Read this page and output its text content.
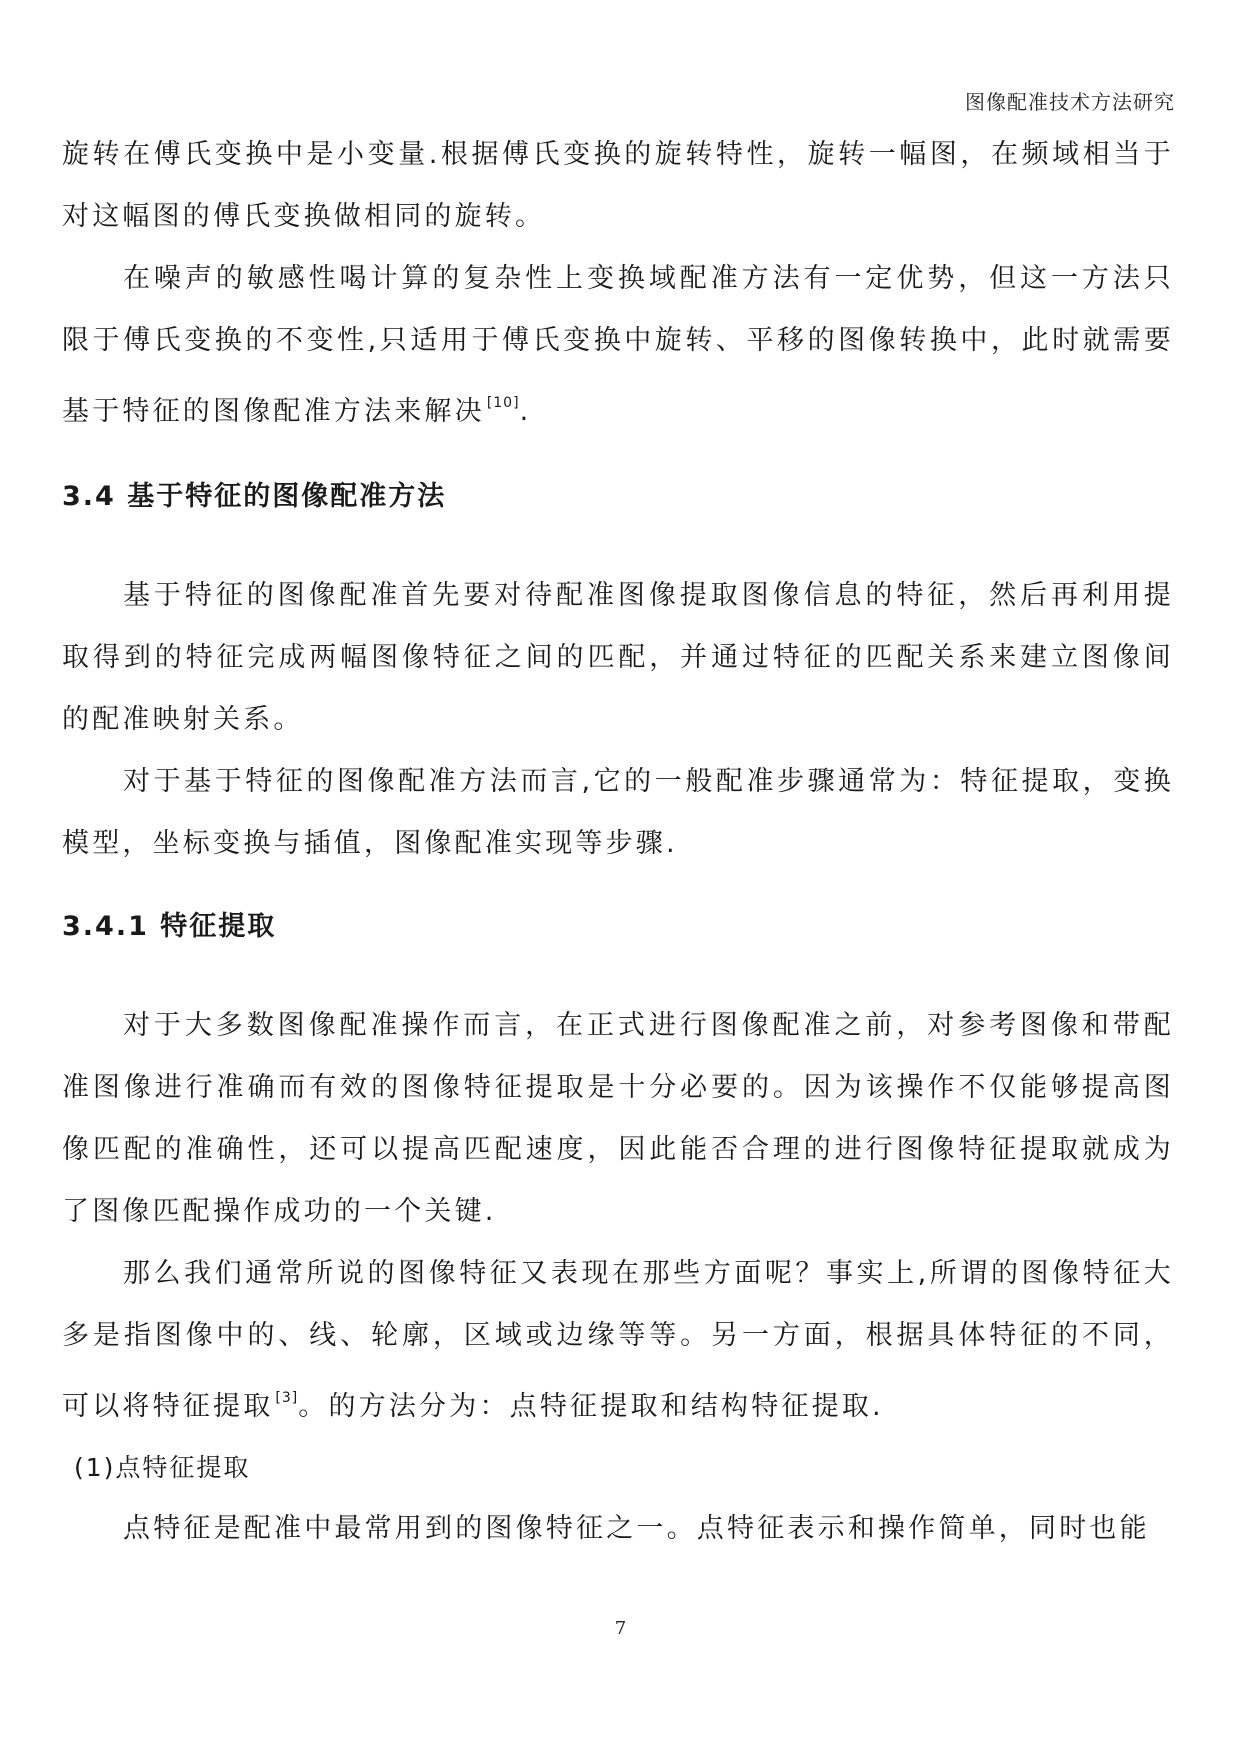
图像配准技术方法研究

旋转在傅氏变换中是小变量.根据傅氏变换的旋转特性，旋转一幅图，在频域相当于对这幅图的傅氏变换做相同的旋转。

在噪声的敏感性喝计算的复杂性上变换域配准方法有一定优势，但这一方法只限于傅氏变换的不变性,只适用于傅氏变换中旋转、平移的图像转换中，此时就需要基于特征的图像配准方法来解决 [10].

3.4 基于特征的图像配准方法

基于特征的图像配准首先要对待配准图像提取图像信息的特征，然后再利用提取得到的特征完成两幅图像特征之间的匹配，并通过特征的匹配关系来建立图像间的配准映射关系。

对于基于特征的图像配准方法而言,它的一般配准步骤通常为：特征提取，变换模型，坐标变换与插值，图像配准实现等步骤.

3.4.1 特征提取

对于大多数图像配准操作而言，在正式进行图像配准之前，对参考图像和带配准图像进行准确而有效的图像特征提取是十分必要的。因为该操作不仅能够提高图像匹配的准确性，还可以提高匹配速度，因此能否合理的进行图像特征提取就成为了图像匹配操作成功的一个关键.

那么我们通常所说的图像特征又表现在那些方面呢？事实上,所谓的图像特征大多是指图像中的、线、轮廓，区域或边缘等等。另一方面，根据具体特征的不同，可以将特征提取 [3]。的方法分为：点特征提取和结构特征提取.

(1)点特征提取

点特征是配准中最常用到的图像特征之一。点特征表示和操作简单，同时也能

7
